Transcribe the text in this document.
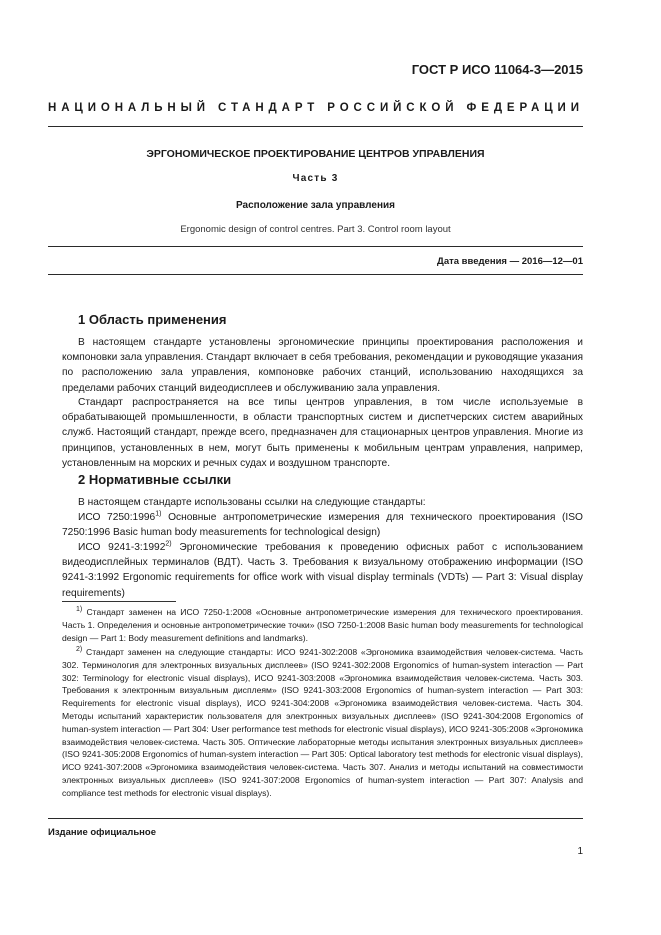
ГОСТ Р ИСО 11064-3—2015
НАЦИОНАЛЬНЫЙ СТАНДАРТ РОССИЙСКОЙ ФЕДЕРАЦИИ
ЭРГОНОМИЧЕСКОЕ ПРОЕКТИРОВАНИЕ ЦЕНТРОВ УПРАВЛЕНИЯ
Часть 3
Расположение зала управления
Ergonomic design of control centres. Part 3. Control room layout
Дата введения — 2016—12—01
1 Область применения

В настоящем стандарте установлены эргономические принципы проектирования расположения и компоновки зала управления. Стандарт включает в себя требования, рекомендации и руководящие указания по расположению зала управления, компоновке рабочих станций, использованию находящихся за пределами рабочих станций видеодисплеев и обслуживанию зала управления.

Стандарт распространяется на все типы центров управления, в том числе используемые в обрабатывающей промышленности, в области транспортных систем и диспетчерских систем аварийных служб. Настоящий стандарт, прежде всего, предназначен для стационарных центров управления. Многие из принципов, установленных в нем, могут быть применены к мобильным центрам управления, например, установленным на морских и речных судах и воздушном транспорте.

2 Нормативные ссылки

В настоящем стандарте использованы ссылки на следующие стандарты:

ИСО 7250:1996$^{1)}$ Основные антропометрические измерения для технического проектирования (ISO 7250:1996 Basic human body measurements for technological design)

ИСО 9241-3:1992$^{2)}$ Эргономические требования к проведению офисных работ с использованием видеодисплейных терминалов (ВДТ). Часть 3. Требования к визуальному отображению информации (ISO 9241-3:1992 Ergonomic requirements for office work with visual display terminals (VDTs) — Part 3: Visual display requirements)

$^{1)}$ Стандарт заменен на ИСО 7250-1:2008 «Основные антропометрические измерения для технического проектирования. Часть 1. Определения и основные антропометрические точки» (ISO 7250-1:2008 Basic human body measurements for technological design — Part 1: Body measurement definitions and landmarks).

$^{2)}$ Стандарт заменен на следующие стандарты: ИСО 9241-302:2008 «Эргономика взаимодействия человек-система. Часть 302. Терминология для электронных визуальных дисплеев» (ISO 9241-302:2008 Ergonomics of human-system interaction — Part 302: Terminology for electronic visual displays), ИСО 9241-303:2008 «Эргономика взаимодействия человек-система. Часть 303. Требования к электронным визуальным дисплеям» (ISO 9241-303:2008 Ergonomics of human-system interaction — Part 303: Requirements for electronic visual displays), ИСО 9241-304:2008 «Эргономика взаимодействия человек-система. Часть 304. Методы испытаний характеристик пользователя для электронных визуальных дисплеев» (ISO 9241-304:2008 Ergonomics of human-system interaction — Part 304: User performance test methods for electronic visual displays), ИСО 9241-305:2008 «Эргономика взаимодействия человек-система. Часть 305. Оптические лабораторные методы испытания электронных визуальных дисплеев» (ISO 9241-305:2008 Ergonomics of human-system interaction — Part 305: Optical laboratory test methods for electronic visual displays), ИСО 9241-307:2008 «Эргономика взаимодействия человек-система. Часть 307. Анализ и методы испытаний на совместимости электронных визуальных дисплеев» (ISO 9241-307:2008 Ergonomics of human-system interaction — Part 307: Analysis and compliance test methods for electronic visual displays).

Издание официальное
1
